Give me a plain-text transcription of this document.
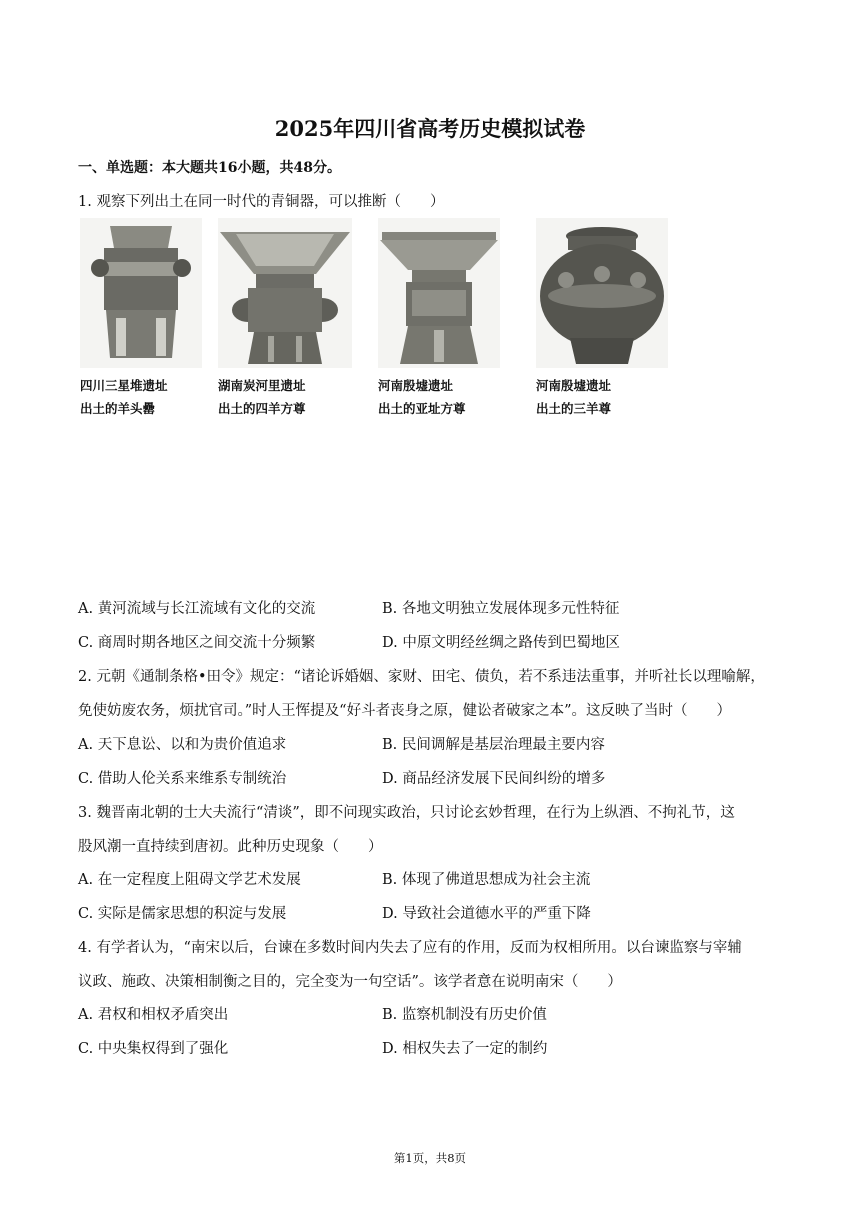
2025年四川省高考历史模拟试卷
一、单选题：本大题共16小题，共48分。
1. 观察下列出土在同一时代的青铜器，可以推断（　　）
四川三星堆遗址
出土的羊头罍
湖南炭河里遗址
出土的四羊方尊
河南殷墟遗址
出土的亚址方尊
河南殷墟遗址
出土的三羊尊
A. 黄河流域与长江流域有文化的交流	B. 各地文明独立发展体现多元性特征
C. 商周时期各地区之间交流十分频繁	D. 中原文明经丝绸之路传到巴蜀地区
2. 元朝《通制条格•田令》规定：“诸论诉婚姻、家财、田宅、债负，若不系违法重事，并听社长以理喻解，
免使妨废农务，烦扰官司。”时人王恽提及“好斗者丧身之原，健讼者破家之本”。这反映了当时（　　）
A. 天下息讼、以和为贵价值追求	B. 民间调解是基层治理最主要内容
C. 借助人伦关系来维系专制统治	D. 商品经济发展下民间纠纷的增多
3. 魏晋南北朝的士大夫流行“清谈”，即不问现实政治，只讨论玄妙哲理，在行为上纵酒、不拘礼节，这
股风潮一直持续到唐初。此种历史现象（　　）
A. 在一定程度上阻碍文学艺术发展	B. 体现了佛道思想成为社会主流
C. 实际是儒家思想的积淀与发展	D. 导致社会道德水平的严重下降
4. 有学者认为，“南宋以后，台谏在多数时间内失去了应有的作用，反而为权相所用。以台谏监察与宰辅
议政、施政、决策相制衡之目的，完全变为一句空话”。该学者意在说明南宋（　　）
A. 君权和相权矛盾突出	B. 监察机制没有历史价值
C. 中央集权得到了强化	D. 相权失去了一定的制约
第1页，共8页
